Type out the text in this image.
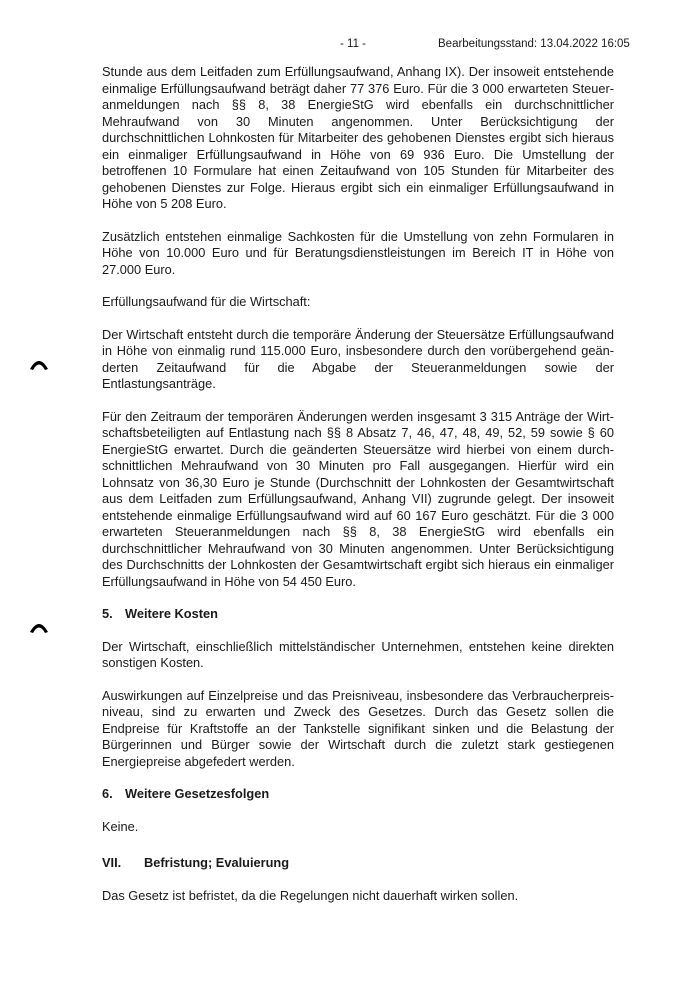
- 11 -	Bearbeitungsstand: 13.04.2022 16:05

Stunde aus dem Leitfaden zum Erfüllungsaufwand, Anhang IX). Der insoweit entstehende einmalige Erfüllungsaufwand beträgt daher 77 376 Euro. Für die 3 000 erwarteten Steueranmeldungen nach §§ 8, 38 EnergieStG wird ebenfalls ein durchschnittlicher Mehraufwand von 30 Minuten angenommen. Unter Berücksichtigung der durchschnittlichen Lohnkosten für Mitarbeiter des gehobenen Dienstes ergibt sich hieraus ein einmaliger Erfüllungsaufwand in Höhe von 69 936 Euro. Die Umstellung der betroffenen 10 Formulare hat einen Zeitaufwand von 105 Stunden für Mitarbeiter des gehobenen Dienstes zur Folge. Hieraus ergibt sich ein einmaliger Erfüllungsaufwand in Höhe von 5 208 Euro.

Zusätzlich entstehen einmalige Sachkosten für die Umstellung von zehn Formularen in Höhe von 10.000 Euro und für Beratungsdienstleistungen im Bereich IT in Höhe von 27.000 Euro.

Erfüllungsaufwand für die Wirtschaft:

Der Wirtschaft entsteht durch die temporäre Änderung der Steuersätze Erfüllungsaufwand in Höhe von einmalig rund 115.000 Euro, insbesondere durch den vorübergehend geänderten Zeitaufwand für die Abgabe der Steueranmeldungen sowie der Entlastungsanträge.

Für den Zeitraum der temporären Änderungen werden insgesamt 3 315 Anträge der Wirtschaftsbeteiligten auf Entlastung nach §§ 8 Absatz 7, 46, 47, 48, 49, 52, 59 sowie § 60 EnergieStG erwartet. Durch die geänderten Steuersätze wird hierbei von einem durchschnittlichen Mehraufwand von 30 Minuten pro Fall ausgegangen. Hierfür wird ein Lohnsatz von 36,30 Euro je Stunde (Durchschnitt der Lohnkosten der Gesamtwirtschaft aus dem Leitfaden zum Erfüllungsaufwand, Anhang VII) zugrunde gelegt. Der insoweit entstehende einmalige Erfüllungsaufwand wird auf 60 167 Euro geschätzt. Für die 3 000 erwarteten Steueranmeldungen nach §§ 8, 38 EnergieStG wird ebenfalls ein durchschnittlicher Mehraufwand von 30 Minuten angenommen. Unter Berücksichtigung des Durchschnitts der Lohnkosten der Gesamtwirtschaft ergibt sich hieraus ein einmaliger Erfüllungsaufwand in Höhe von 54 450 Euro.

5. Weitere Kosten

Der Wirtschaft, einschließlich mittelständischer Unternehmen, entstehen keine direkten sonstigen Kosten.

Auswirkungen auf Einzelpreise und das Preisniveau, insbesondere das Verbraucherpreisniveau, sind zu erwarten und Zweck des Gesetzes. Durch das Gesetz sollen die Endpreise für Kraftstoffe an der Tankstelle signifikant sinken und die Belastung der Bürgerinnen und Bürger sowie der Wirtschaft durch die zuletzt stark gestiegenen Energiepreise abgefedert werden.

6. Weitere Gesetzesfolgen

Keine.

VII.	Befristung; Evaluierung

Das Gesetz ist befristet, da die Regelungen nicht dauerhaft wirken sollen.
